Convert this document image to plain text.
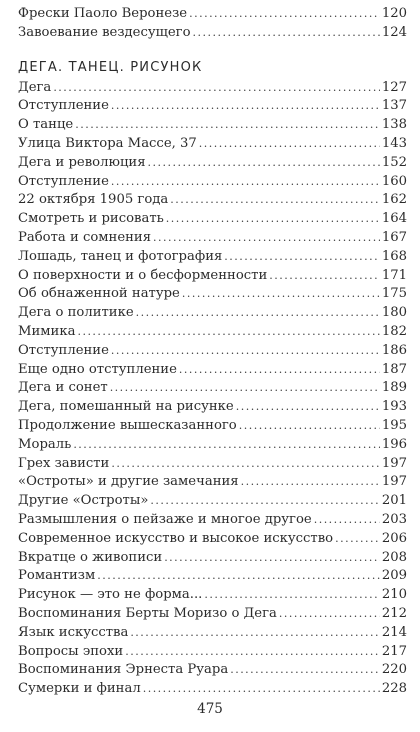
Фрески Паоло Веронезе . . .	120
Завоевание вездесущего . . .	124
ДЕГА. ТАНЕЦ. РИСУНОК
Дега . . .	127
Отступление . . .	137
О танце . . .	138
Улица Виктора Массе, 37 . . .	143
Дега и революция . . .	152
Отступление . . .	160
22 октября 1905 года . . .	162
Смотреть и рисовать . . .	164
Работа и сомнения . . .	167
Лошадь, танец и фотография . . .	168
О поверхности и о бесформенности . . .	171
Об обнаженной натуре . . .	175
Дега о политике . . .	180
Мимика . . .	182
Отступление . . .	186
Еще одно отступление . . .	187
Дега и сонет . . .	189
Дега, помешанный на рисунке . . .	193
Продолжение вышесказанного . . .	195
Мораль . . .	196
Грех зависти . . .	197
«Остроты» и другие замечания . . .	197
Другие «Остроты» . . .	201
Размышления о пейзаже и многое другое . . .	203
Современное искусство и высокое искусство . . .	206
Вкратце о живописи . . .	208
Романтизм . . .	209
Рисунок — это не форма... . . .	210
Воспоминания Берты Моризо о Дега . . .	212
Язык искусства . . .	214
Вопросы эпохи . . .	217
Воспоминания Эрнеста Руара . . .	220
Сумерки и финал . . .	228
475
